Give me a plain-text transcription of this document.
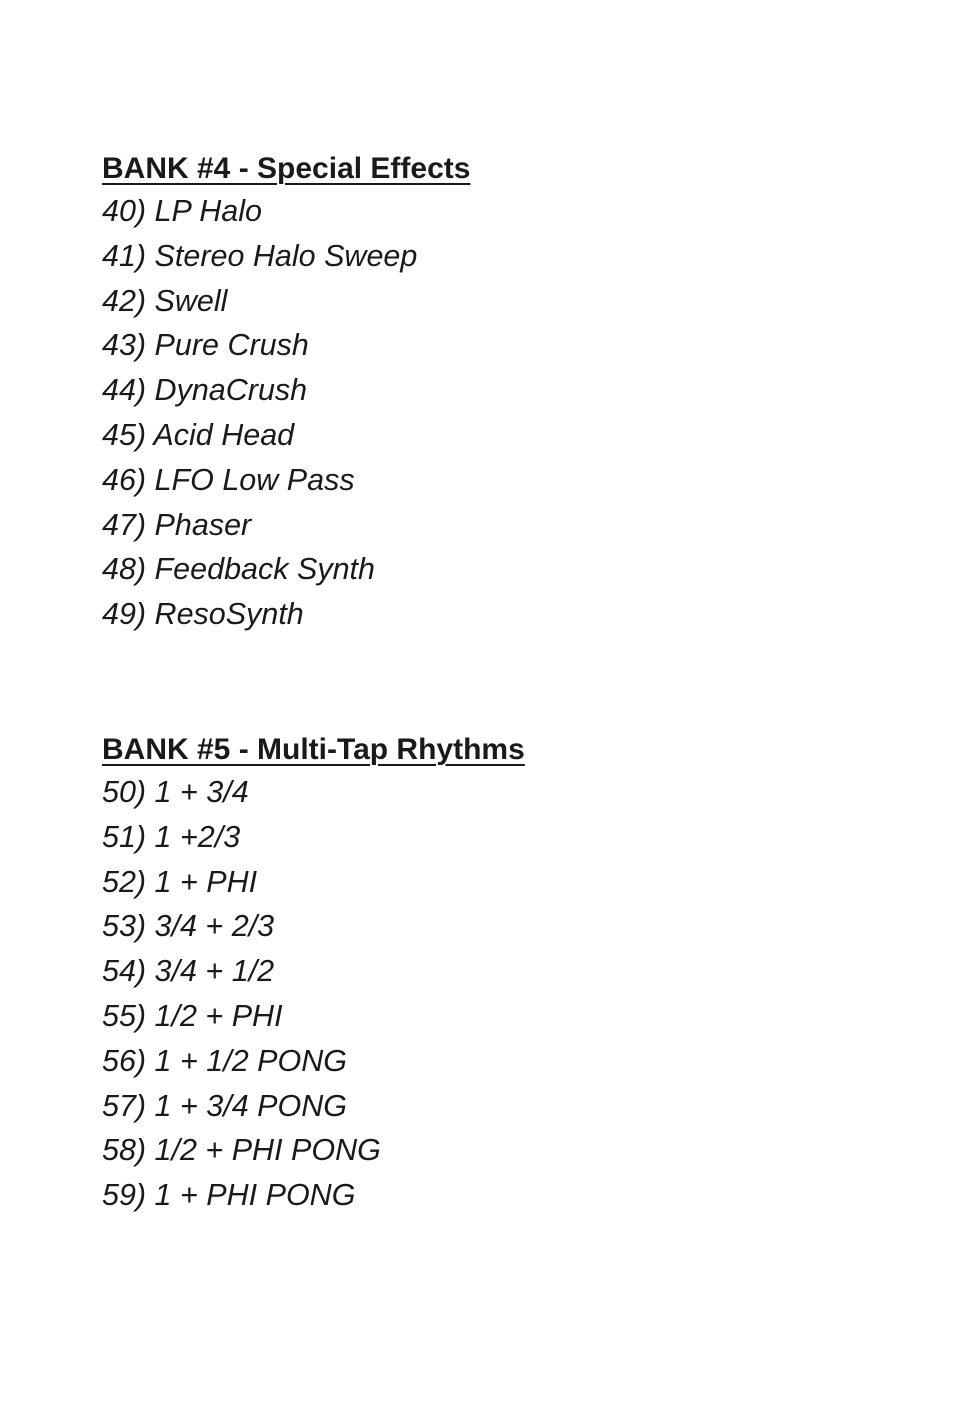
BANK #4 - Special Effects
40) LP Halo
41) Stereo Halo Sweep
42) Swell
43) Pure Crush
44) DynaCrush
45) Acid Head
46) LFO Low Pass
47) Phaser
48) Feedback Synth
49) ResoSynth
BANK #5 - Multi-Tap Rhythms
50) 1 + 3/4
51) 1 +2/3
52) 1 + PHI
53) 3/4 + 2/3
54) 3/4 + 1/2
55) 1/2 + PHI
56) 1 + 1/2 PONG
57) 1 + 3/4 PONG
58) 1/2 + PHI PONG
59) 1 + PHI PONG
